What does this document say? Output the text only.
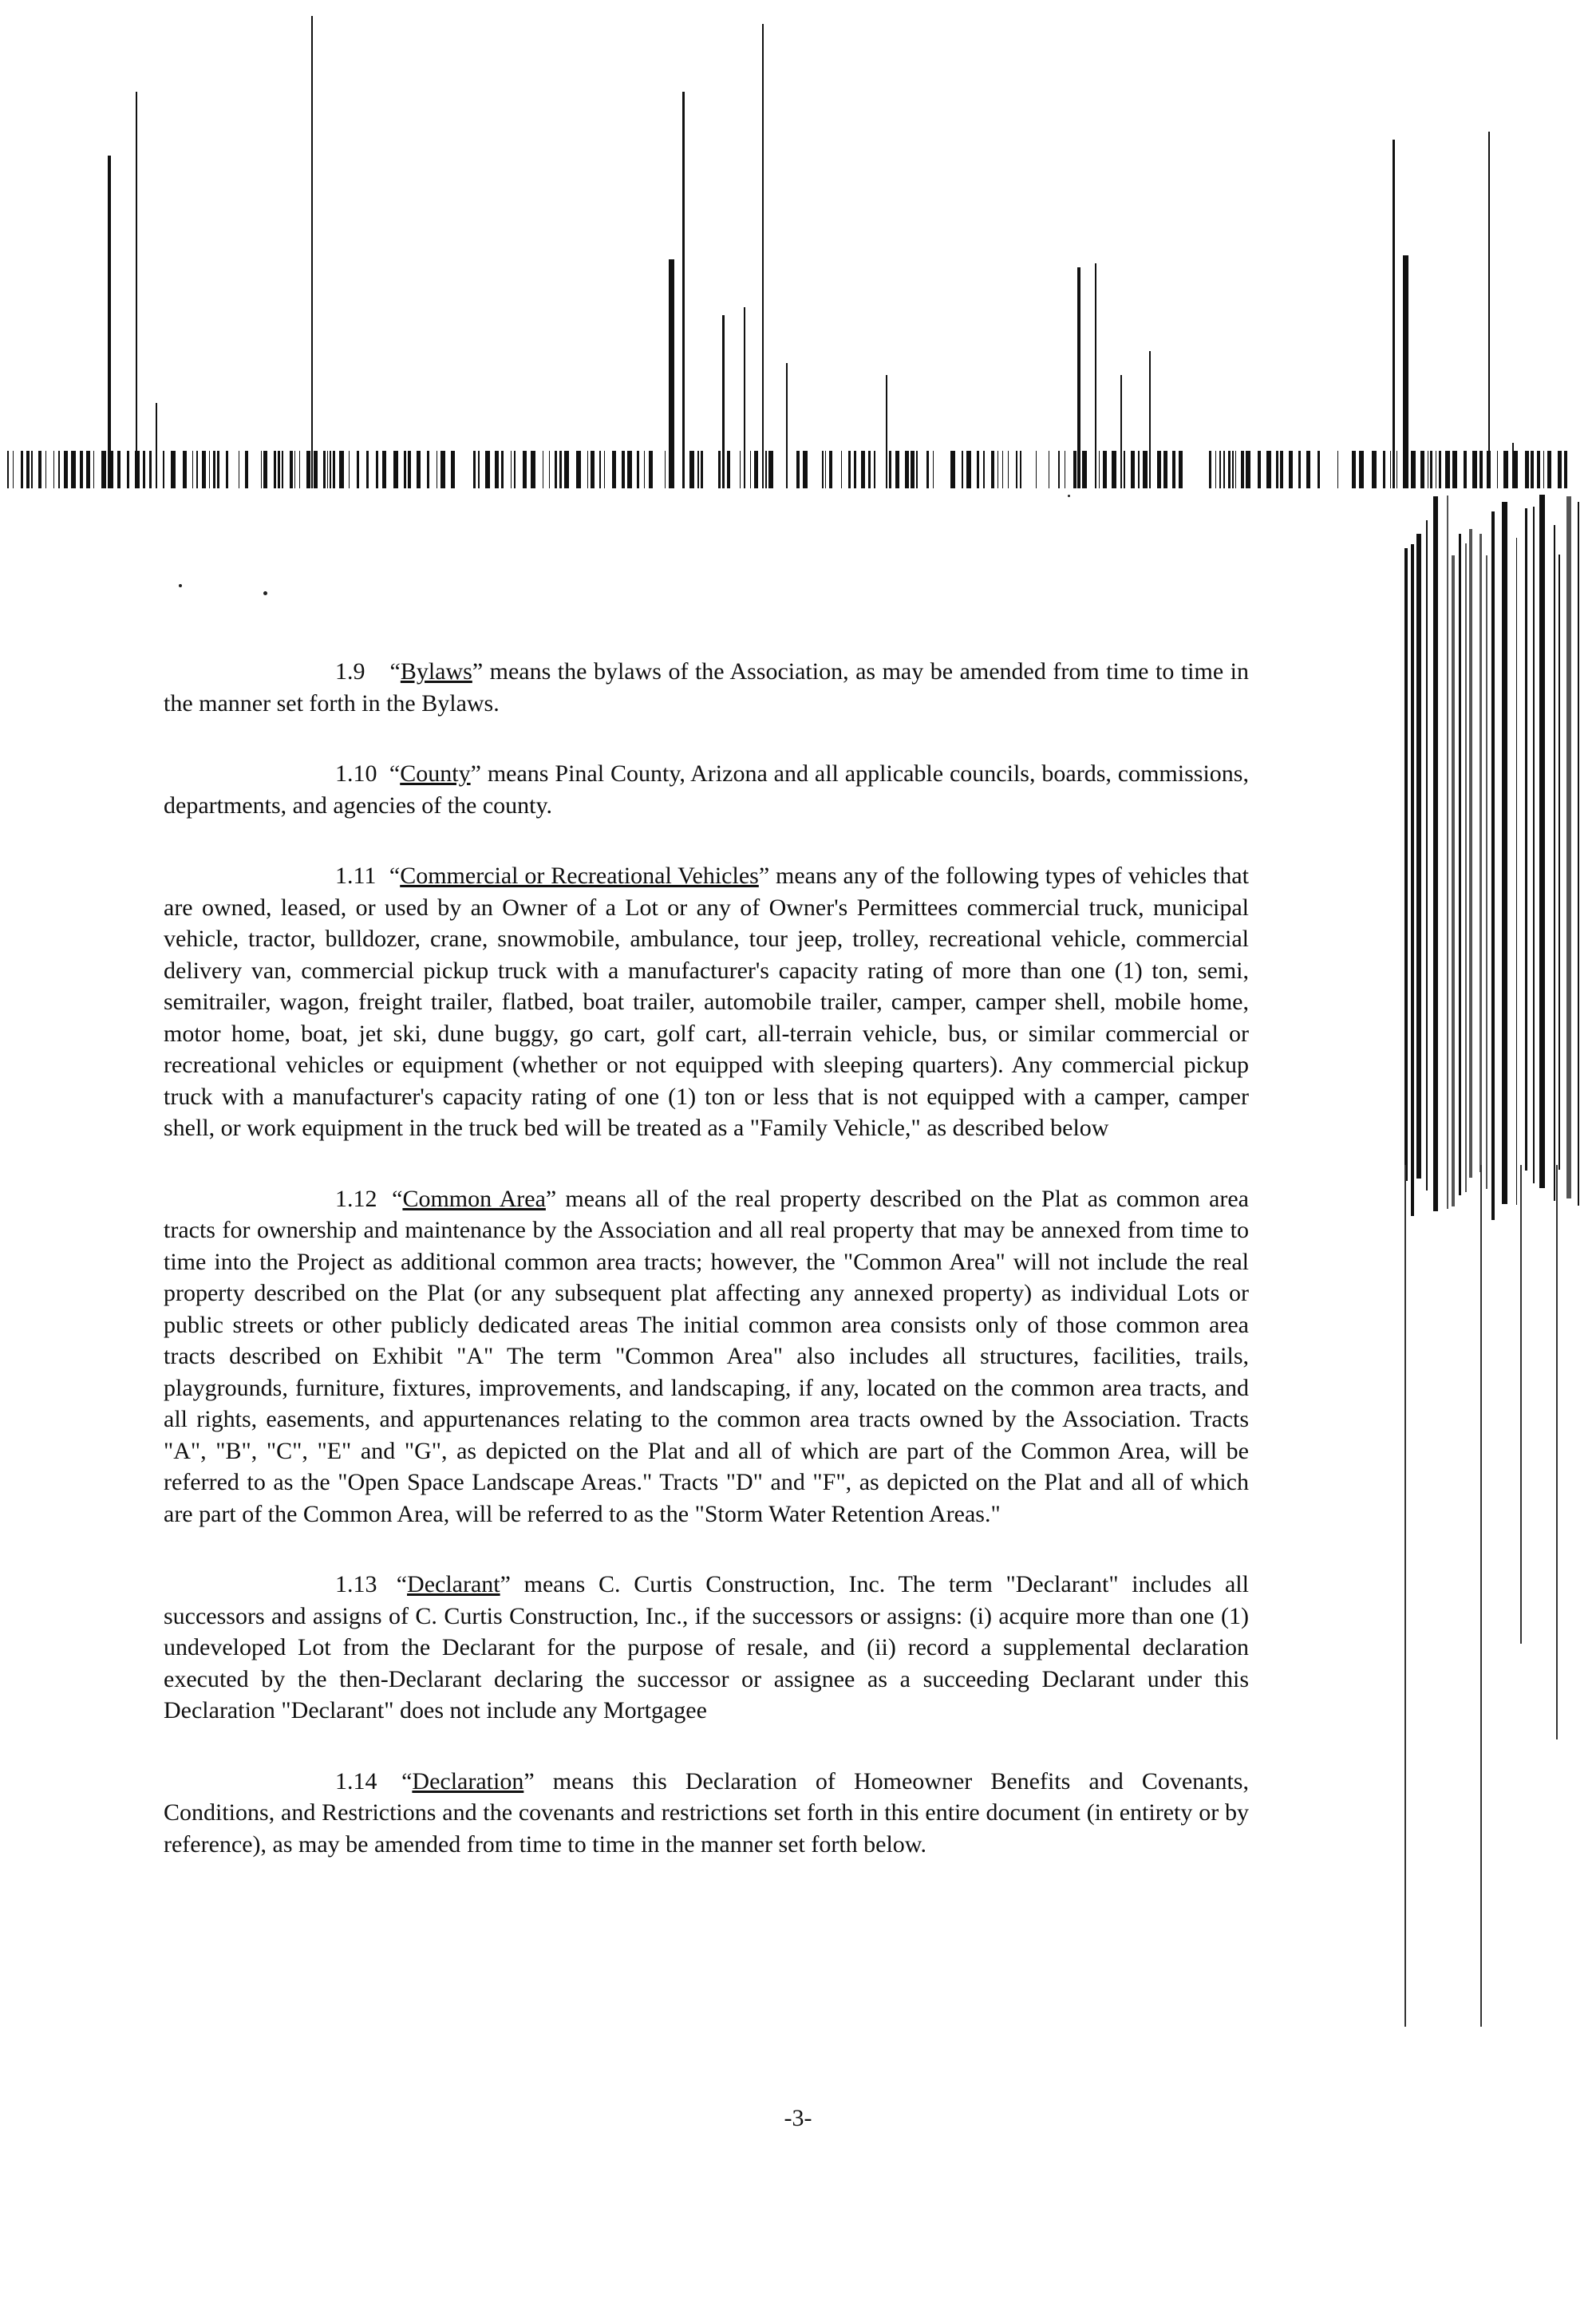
1.9 “Bylaws” means the bylaws of the Association, as may be amended from time to time in the manner set forth in the Bylaws.

1.10 “County” means Pinal County, Arizona and all applicable councils, boards, commissions, departments, and agencies of the county.

1.11 “Commercial or Recreational Vehicles” means any of the following types of vehicles that are owned, leased, or used by an Owner of a Lot or any of Owner's Permittees commercial truck, municipal vehicle, tractor, bulldozer, crane, snowmobile, ambulance, tour jeep, trolley, recreational vehicle, commercial delivery van, commercial pickup truck with a manufacturer's capacity rating of more than one (1) ton, semi, semitrailer, wagon, freight trailer, flatbed, boat trailer, automobile trailer, camper, camper shell, mobile home, motor home, boat, jet ski, dune buggy, go cart, golf cart, all-terrain vehicle, bus, or similar commercial or recreational vehicles or equipment (whether or not equipped with sleeping quarters). Any commercial pickup truck with a manufacturer's capacity rating of one (1) ton or less that is not equipped with a camper, camper shell, or work equipment in the truck bed will be treated as a "Family Vehicle," as described below

1.12 “Common Area” means all of the real property described on the Plat as common area tracts for ownership and maintenance by the Association and all real property that may be annexed from time to time into the Project as additional common area tracts; however, the "Common Area" will not include the real property described on the Plat (or any subsequent plat affecting any annexed property) as individual Lots or public streets or other publicly dedicated areas The initial common area consists only of those common area tracts described on Exhibit "A" The term "Common Area" also includes all structures, facilities, trails, playgrounds, furniture, fixtures, improvements, and landscaping, if any, located on the common area tracts, and all rights, easements, and appurtenances relating to the common area tracts owned by the Association. Tracts "A", "B", "C", "E" and "G", as depicted on the Plat and all of which are part of the Common Area, will be referred to as the "Open Space Landscape Areas." Tracts "D" and "F", as depicted on the Plat and all of which are part of the Common Area, will be referred to as the "Storm Water Retention Areas."

1.13 “Declarant” means C. Curtis Construction, Inc. The term "Declarant" includes all successors and assigns of C. Curtis Construction, Inc., if the successors or assigns: (i) acquire more than one (1) undeveloped Lot from the Declarant for the purpose of resale, and (ii) record a supplemental declaration executed by the then-Declarant declaring the successor or assignee as a succeeding Declarant under this Declaration "Declarant" does not include any Mortgagee

1.14 “Declaration” means this Declaration of Homeowner Benefits and Covenants, Conditions, and Restrictions and the covenants and restrictions set forth in this entire document (in entirety or by reference), as may be amended from time to time in the manner set forth below.

-3-
